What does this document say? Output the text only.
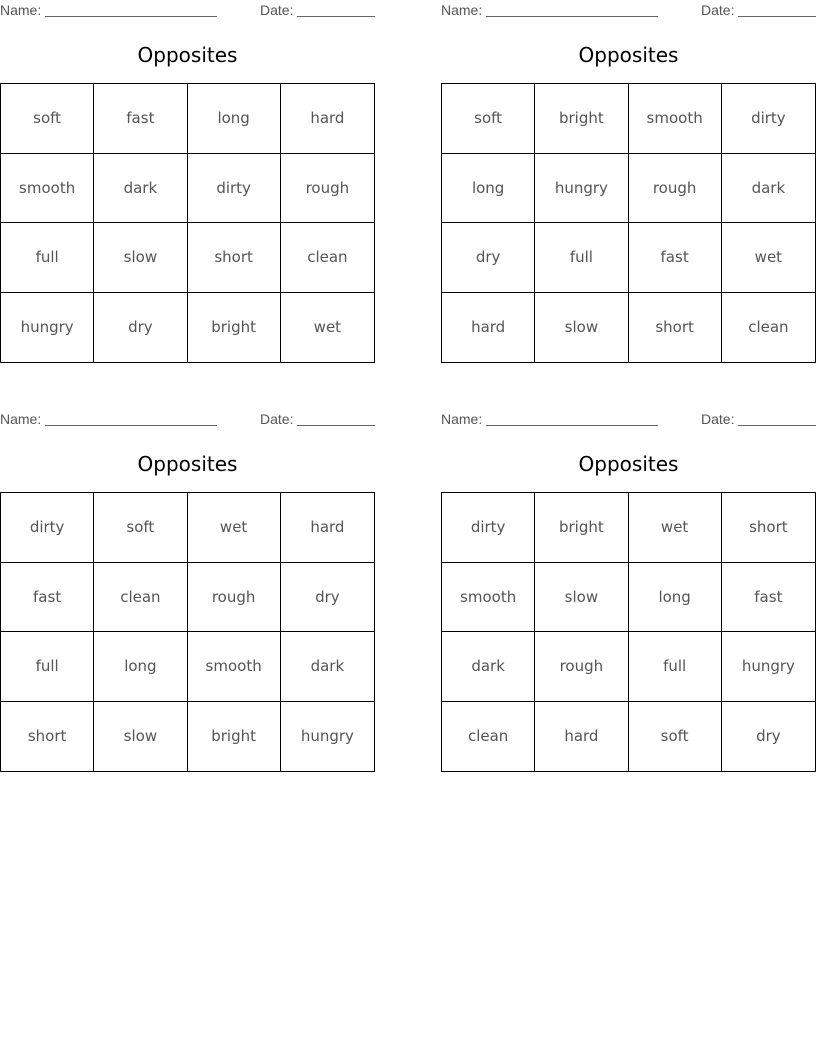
Name:	Date:
Opposites
soft	fast	long	hard
smooth	dark	dirty	rough
full	slow	short	clean
hungry	dry	bright	wet
Name:	Date:
Opposites
soft	bright	smooth	dirty
long	hungry	rough	dark
dry	full	fast	wet
hard	slow	short	clean
Name:	Date:
Opposites
dirty	soft	wet	hard
fast	clean	rough	dry
full	long	smooth	dark
short	slow	bright	hungry
Name:	Date:
Opposites
dirty	bright	wet	short
smooth	slow	long	fast
dark	rough	full	hungry
clean	hard	soft	dry
